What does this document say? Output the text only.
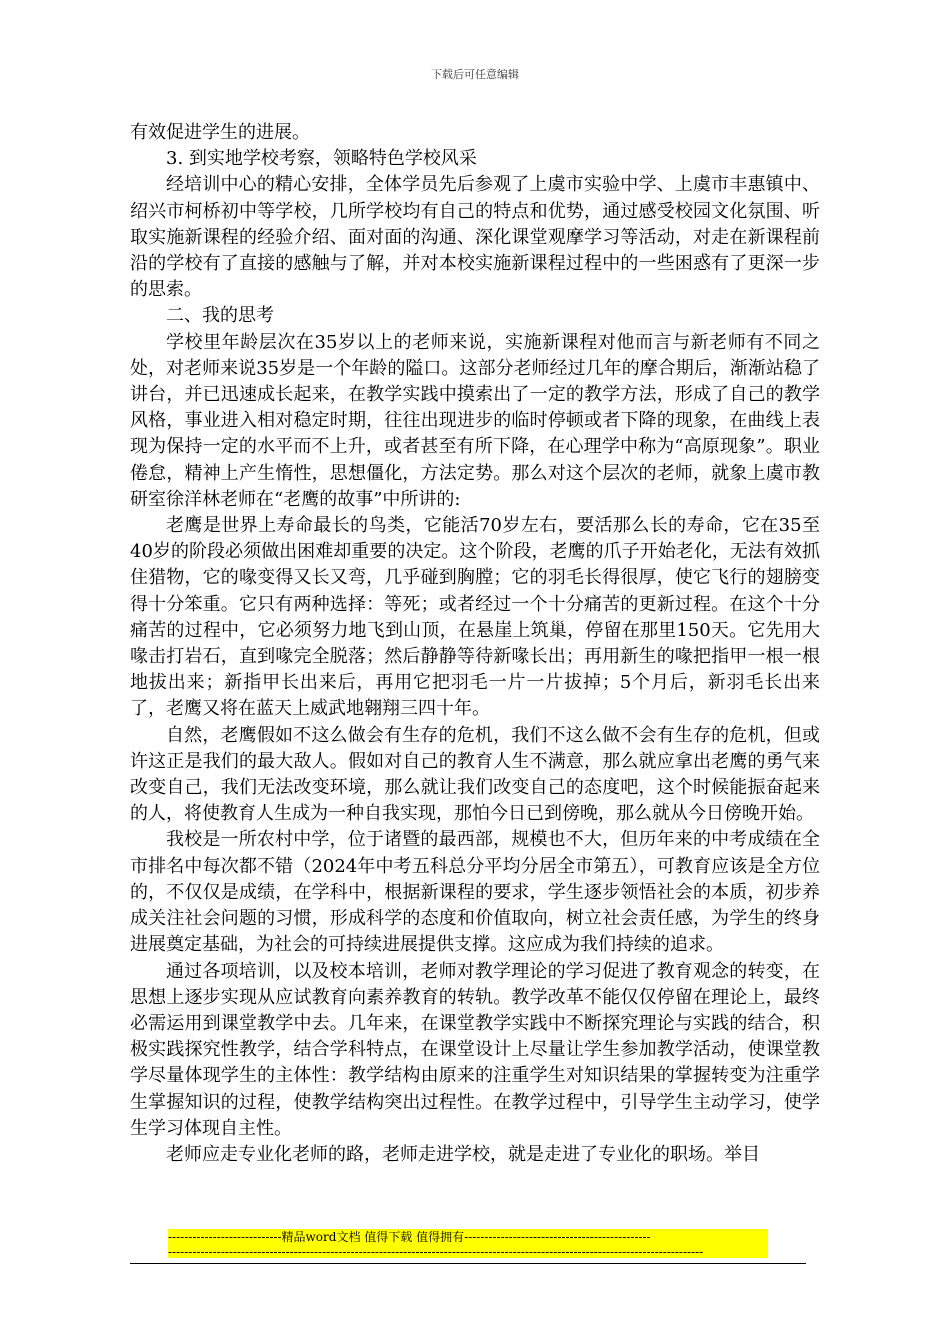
下载后可任意编辑

有效促进学生的进展。

3. 到实地学校考察，领略特色学校风采

经培训中心的精心安排，全体学员先后参观了上虞市实验中学、上虞市丰惠镇中、绍兴市柯桥初中等学校，几所学校均有自己的特点和优势，通过感受校园文化氛围、听取实施新课程的经验介绍、面对面的沟通、深化课堂观摩学习等活动，对走在新课程前沿的学校有了直接的感触与了解，并对本校实施新课程过程中的一些困惑有了更深一步的思索。

二、我的思考

学校里年龄层次在35岁以上的老师来说，实施新课程对他而言与新老师有不同之处，对老师来说35岁是一个年龄的隘口。这部分老师经过几年的摩合期后，渐渐站稳了讲台，并已迅速成长起来，在教学实践中摸索出了一定的教学方法，形成了自己的教学风格，事业进入相对稳定时期，往往出现进步的临时停顿或者下降的现象，在曲线上表现为保持一定的水平而不上升，或者甚至有所下降，在心理学中称为“高原现象”。职业倦怠，精神上产生惰性，思想僵化，方法定势。那么对这个层次的老师，就象上虞市教研室徐洋林老师在“老鹰的故事”中所讲的:

老鹰是世界上寿命最长的鸟类，它能活70岁左右，要活那么长的寿命，它在35至40岁的阶段必须做出困难却重要的决定。这个阶段，老鹰的爪子开始老化，无法有效抓住猎物，它的喙变得又长又弯，几乎碰到胸膛；它的羽毛长得很厚，使它飞行的翅膀变得十分笨重。它只有两种选择：等死；或者经过一个十分痛苦的更新过程。在这个十分痛苦的过程中，它必须努力地飞到山顶，在悬崖上筑巢，停留在那里150天。它先用大喙击打岩石，直到喙完全脱落；然后静静等待新喙长出；再用新生的喙把指甲一根一根地拔出来；新指甲长出来后，再用它把羽毛一片一片拔掉；5个月后，新羽毛长出来了，老鹰又将在蓝天上威武地翱翔三四十年。

自然，老鹰假如不这么做会有生存的危机，我们不这么做不会有生存的危机，但或许这正是我们的最大敌人。假如对自己的教育人生不满意，那么就应拿出老鹰的勇气来改变自己，我们无法改变环境，那么就让我们改变自己的态度吧，这个时候能振奋起来的人，将使教育人生成为一种自我实现，那怕今日已到傍晚，那么就从今日傍晚开始。

我校是一所农村中学，位于诸暨的最西部，规模也不大，但历年来的中考成绩在全市排名中每次都不错（2024年中考五科总分平均分居全市第五），可教育应该是全方位的，不仅仅是成绩，在学科中，根据新课程的要求，学生逐步领悟社会的本质，初步养成关注社会问题的习惯，形成科学的态度和价值取向，树立社会责任感，为学生的终身进展奠定基础，为社会的可持续进展提供支撑。这应成为我们持续的追求。

通过各项培训，以及校本培训，老师对教学理论的学习促进了教育观念的转变，在思想上逐步实现从应试教育向素养教育的转轨。教学改革不能仅仅停留在理论上，最终必需运用到课堂教学中去。几年来，在课堂教学实践中不断探究理论与实践的结合，积极实践探究性教学，结合学科特点，在课堂设计上尽量让学生参加教学活动，使课堂教学尽量体现学生的主体性：教学结构由原来的注重学生对知识结果的掌握转变为注重学生掌握知识的过程，使教学结构突出过程性。在教学过程中，引导学生主动学习，使学生学习体现自主性。

老师应走专业化老师的路，老师走进学校，就是走进了专业化的职场。举目

----------------------------精品word文档 值得下载 值得拥有----------------------------------------------
------------------------------------------------------------------------------------------------------------------------------------
